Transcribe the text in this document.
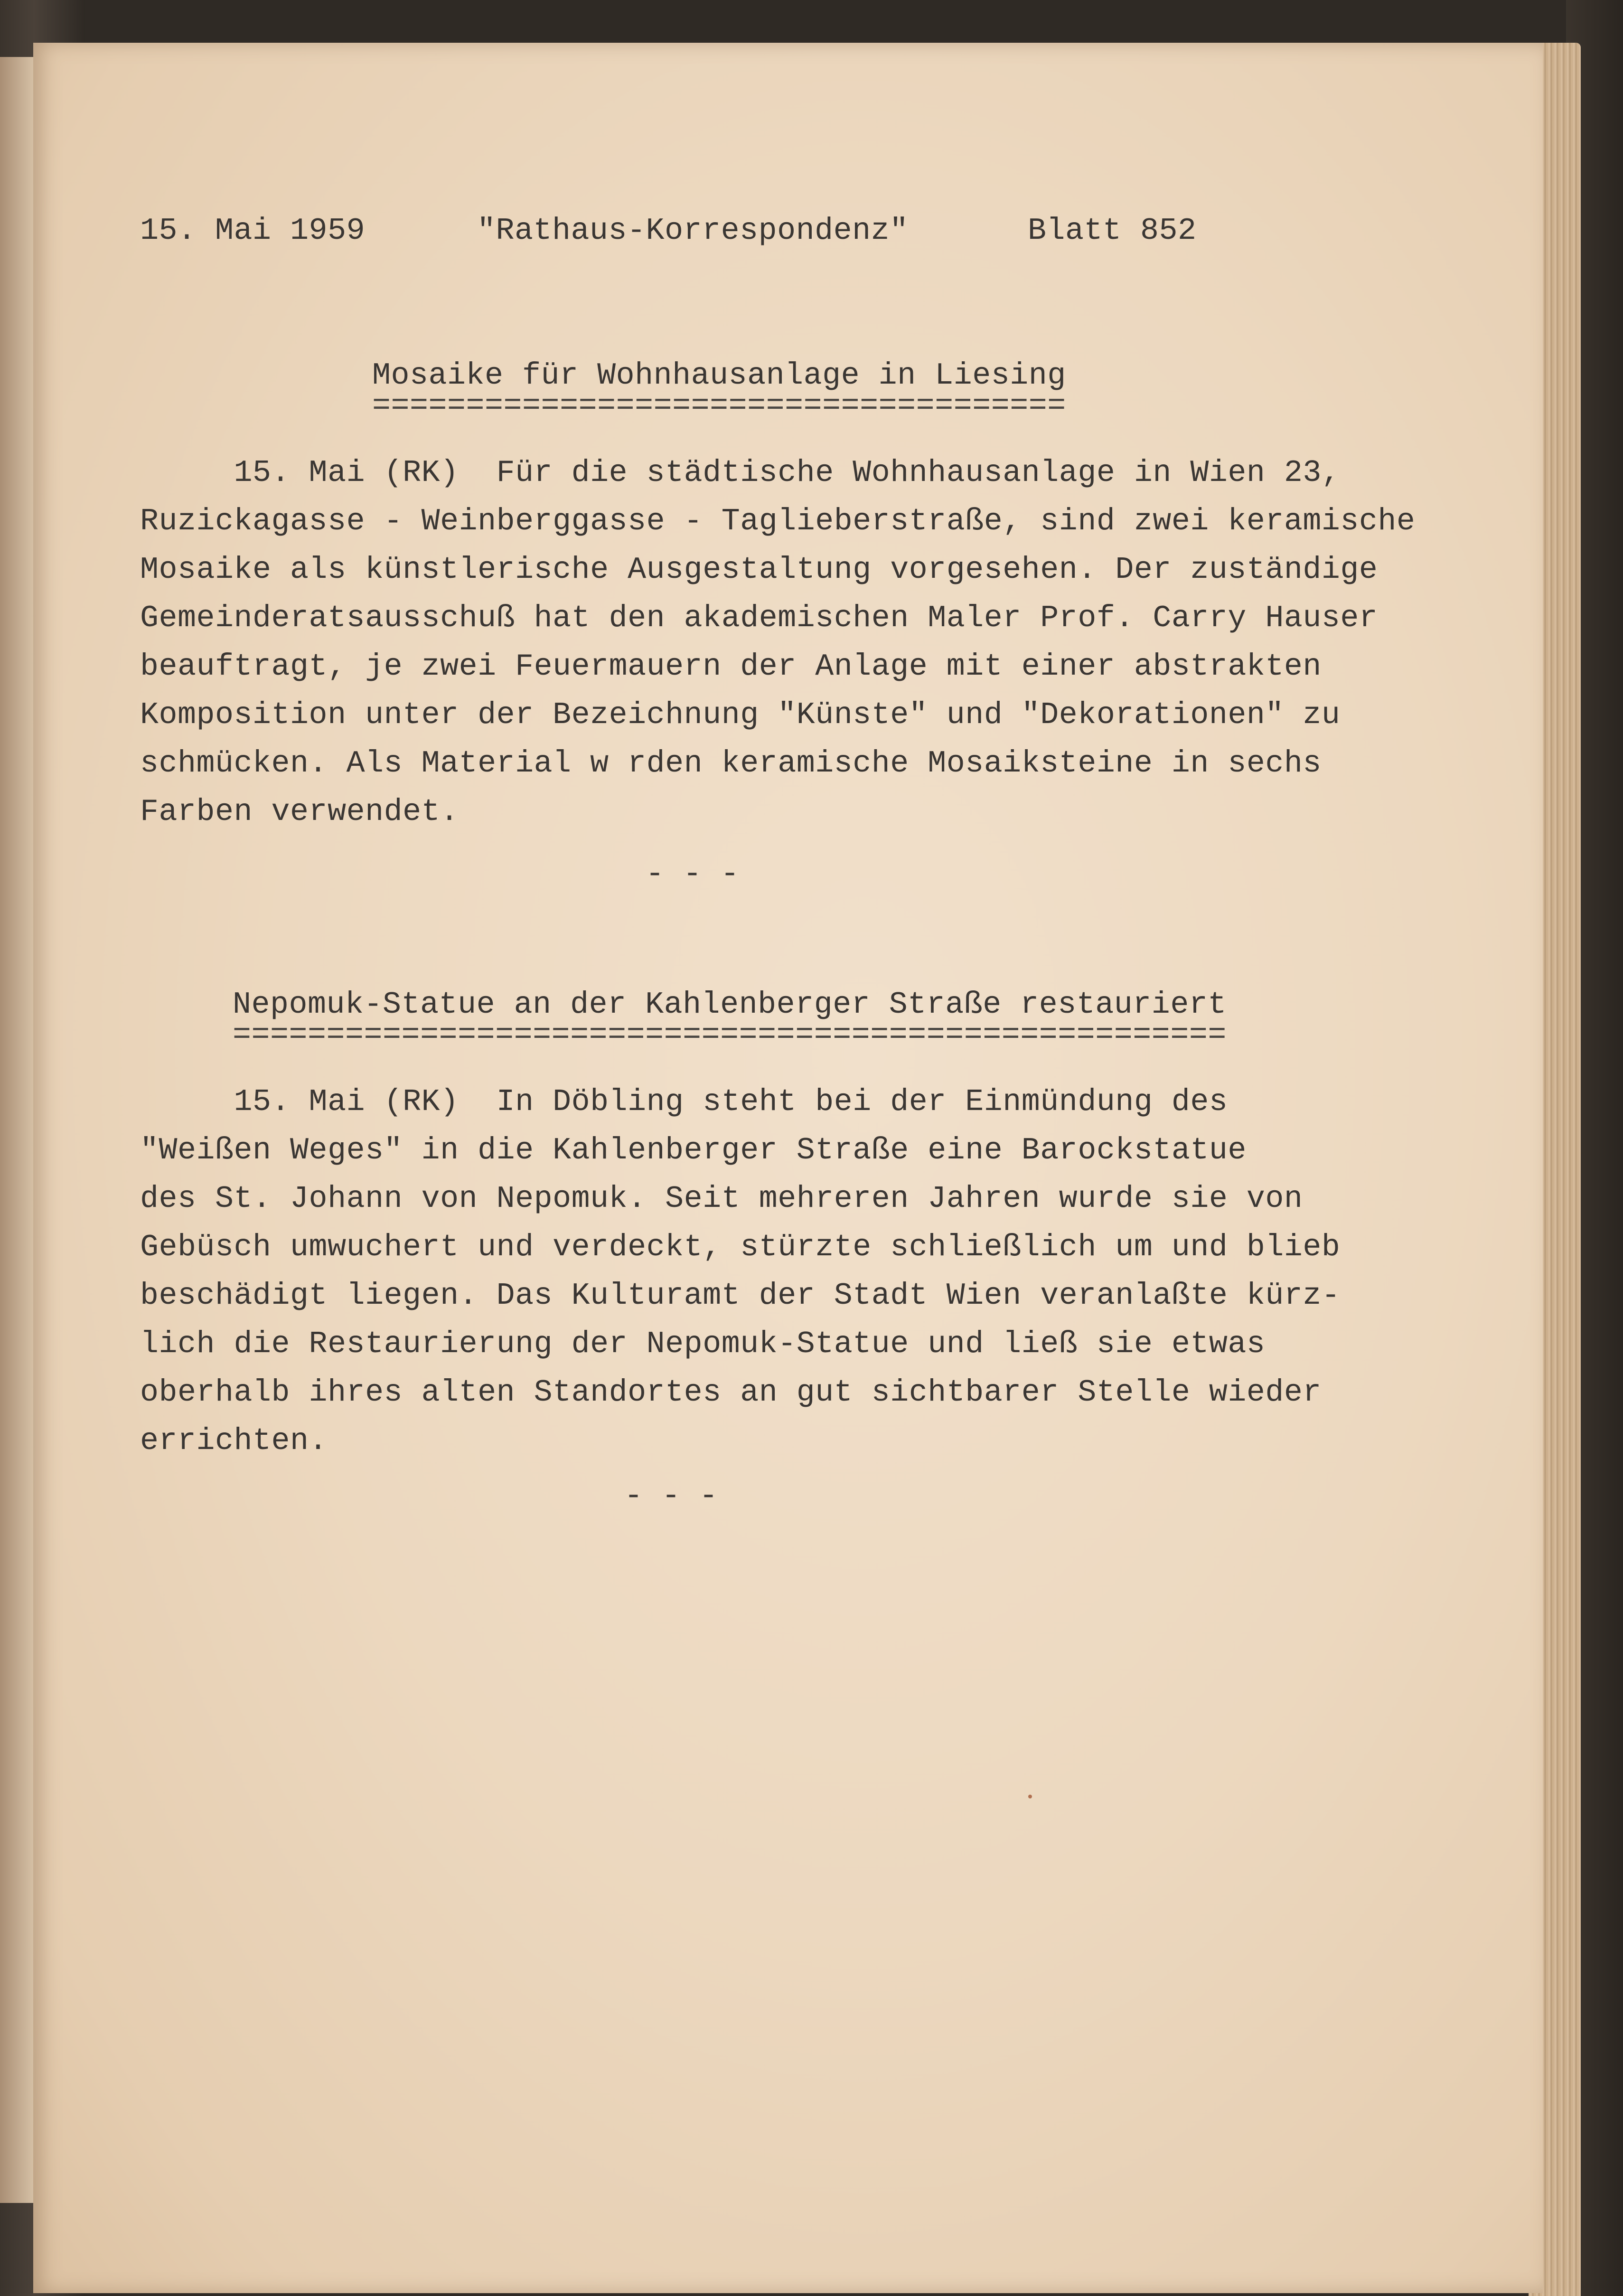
15. Mai 1959	"Rathaus-Korrespondenz"	Blatt 852

Mosaike für Wohnhausanlage in Liesing

=====================================

15. Mai (RK)  Für die städtische Wohnhausanlage in Wien 23,

Ruzickagasse - Weinberggasse - Taglieberstraße, sind zwei keramische

Mosaike als künstlerische Ausgestaltung vorgesehen. Der zuständige

Gemeinderatsausschuß hat den akademischen Maler Prof. Carry Hauser

beauftragt, je zwei Feuermauern der Anlage mit einer abstrakten

Komposition unter der Bezeichnung "Künste" und "Dekorationen" zu

schmücken. Als Material w rden keramische Mosaiksteine in sechs

Farben verwendet.

- - -

Nepomuk-Statue an der Kahlenberger Straße restauriert

=====================================================

15. Mai (RK)  In Döbling steht bei der Einmündung des

"Weißen Weges" in die Kahlenberger Straße eine Barockstatue

des St. Johann von Nepomuk. Seit mehreren Jahren wurde sie von

Gebüsch umwuchert und verdeckt, stürzte schließlich um und blieb

beschädigt liegen. Das Kulturamt der Stadt Wien veranlaßte kürz-

lich die Restaurierung der Nepomuk-Statue und ließ sie etwas

oberhalb ihres alten Standortes an gut sichtbarer Stelle wieder

errichten.

- - -
